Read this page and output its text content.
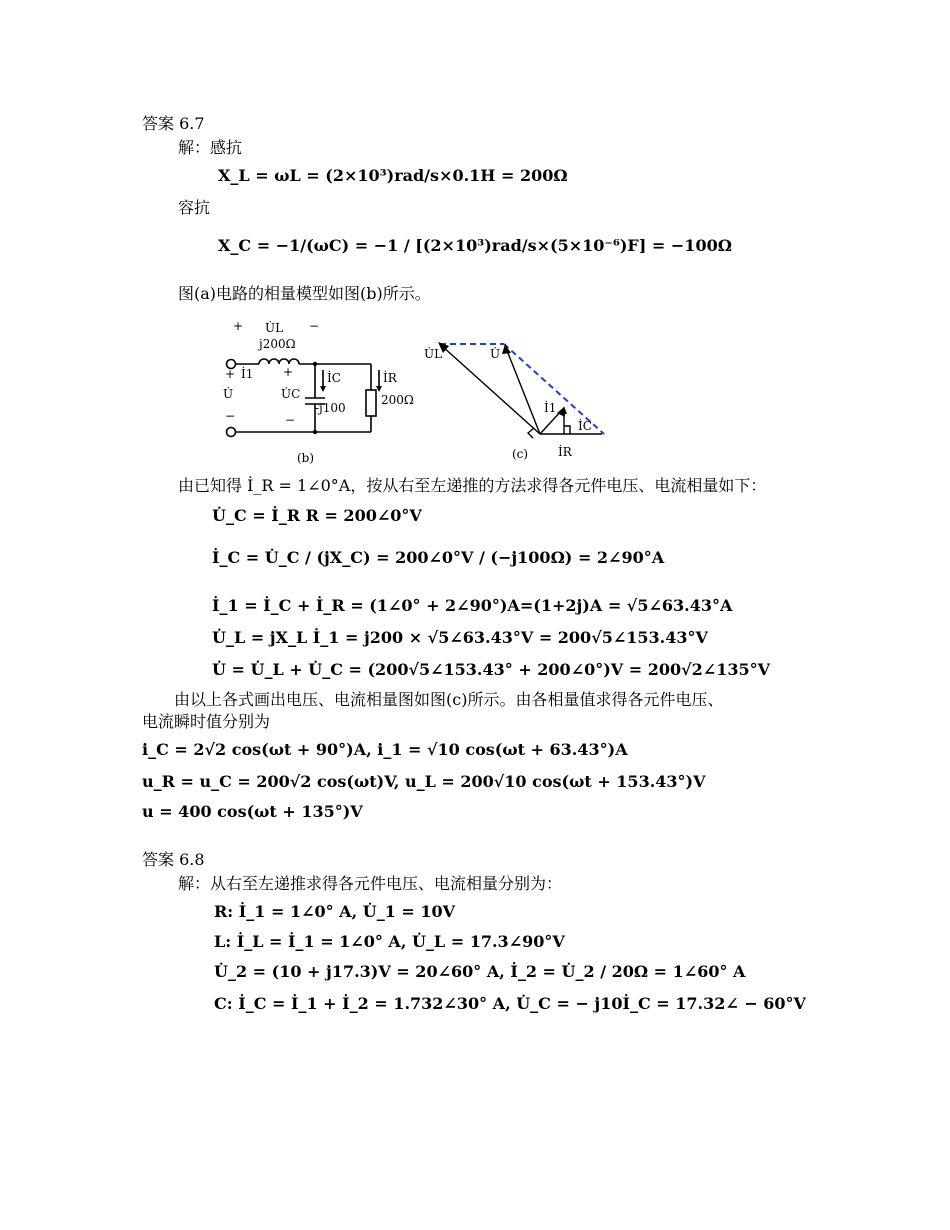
答案 6.7
解：感抗
X_L = ωL = (2×10³)rad/s×0.1H = 200Ω
容抗
X_C = −1/(ωC) = −1 / [(2×10³)rad/s×(5×10⁻⁶)F] = −100Ω
图(a)电路的相量模型如图(b)所示。
+ U̇L −
j200Ω
+ İ1
U̇
−
+
U̇C
−
İC
-j100
İR
200Ω
(b)
U̇L	U̇
İ1
İC
İR
(c)
由已知得 İ_R = 1∠0°A，按从右至左递推的方法求得各元件电压、电流相量如下：
U̇_C = İ_R R = 200∠0°V
İ_C = U̇_C / (jX_C) = 200∠0°V / (−j100Ω) = 2∠90°A
İ_1 = İ_C + İ_R = (1∠0° + 2∠90°)A=(1+2j)A = √5∠63.43°A
U̇_L = jX_L İ_1 = j200 × √5∠63.43°V = 200√5∠153.43°V
U̇ = U̇_L + U̇_C = (200√5∠153.43° + 200∠0°)V = 200√2∠135°V
由以上各式画出电压、电流相量图如图(c)所示。由各相量值求得各元件电压、
电流瞬时值分别为
i_C = 2√2 cos(ωt + 90°)A, i_1 = √10 cos(ωt + 63.43°)A
u_R = u_C = 200√2 cos(ωt)V, u_L = 200√10 cos(ωt + 153.43°)V
u = 400 cos(ωt + 135°)V
答案 6.8
解：从右至左递推求得各元件电压、电流相量分别为：
R: İ_1 = 1∠0° A, U̇_1 = 10V
L: İ_L = İ_1 = 1∠0° A, U̇_L = 17.3∠90°V
U̇_2 = (10 + j17.3)V = 20∠60° A, İ_2 = U̇_2 / 20Ω = 1∠60° A
C: İ_C = İ_1 + İ_2 = 1.732∠30° A, U̇_C = − j10İ_C = 17.32∠ − 60°V
